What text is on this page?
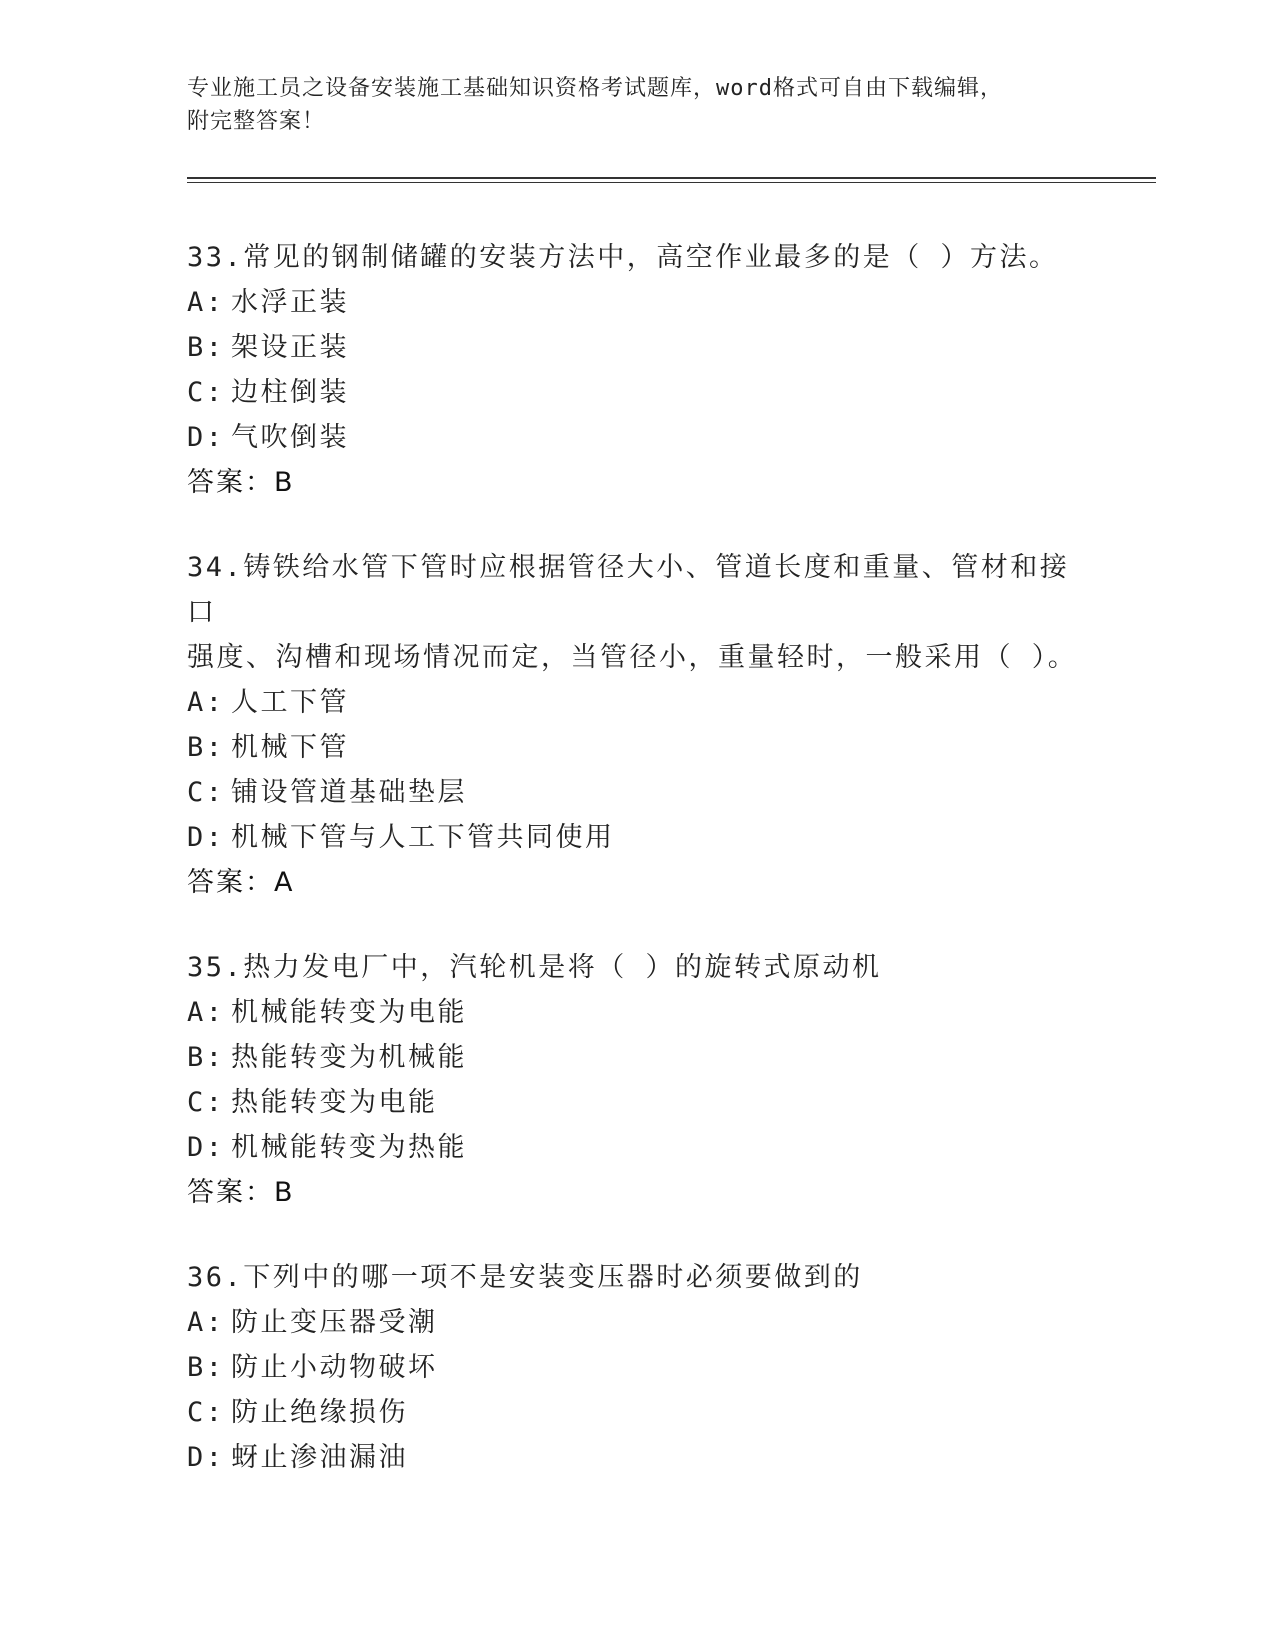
专业施工员之设备安装施工基础知识资格考试题库，word格式可自由下载编辑，
附完整答案！
33.常见的钢制储罐的安装方法中，高空作业最多的是（ ）方法。
A: 水浮正装
B: 架设正装
C: 边柱倒装
D: 气吹倒装
答案：B
34.铸铁给水管下管时应根据管径大小、管道长度和重量、管材和接口
强度、沟槽和现场情况而定，当管径小，重量轻时，一般采用（ ）。
A: 人工下管
B: 机械下管
C: 铺设管道基础垫层
D: 机械下管与人工下管共同使用
答案：A
35.热力发电厂中，汽轮机是将（ ）的旋转式原动机
A: 机械能转变为电能
B: 热能转变为机械能
C: 热能转变为电能
D: 机械能转变为热能
答案：B
36.下列中的哪一项不是安装变压器时必须要做到的
A: 防止变压器受潮
B: 防止小动物破坏
C: 防止绝缘损伤
D: 蚜止渗油漏油
